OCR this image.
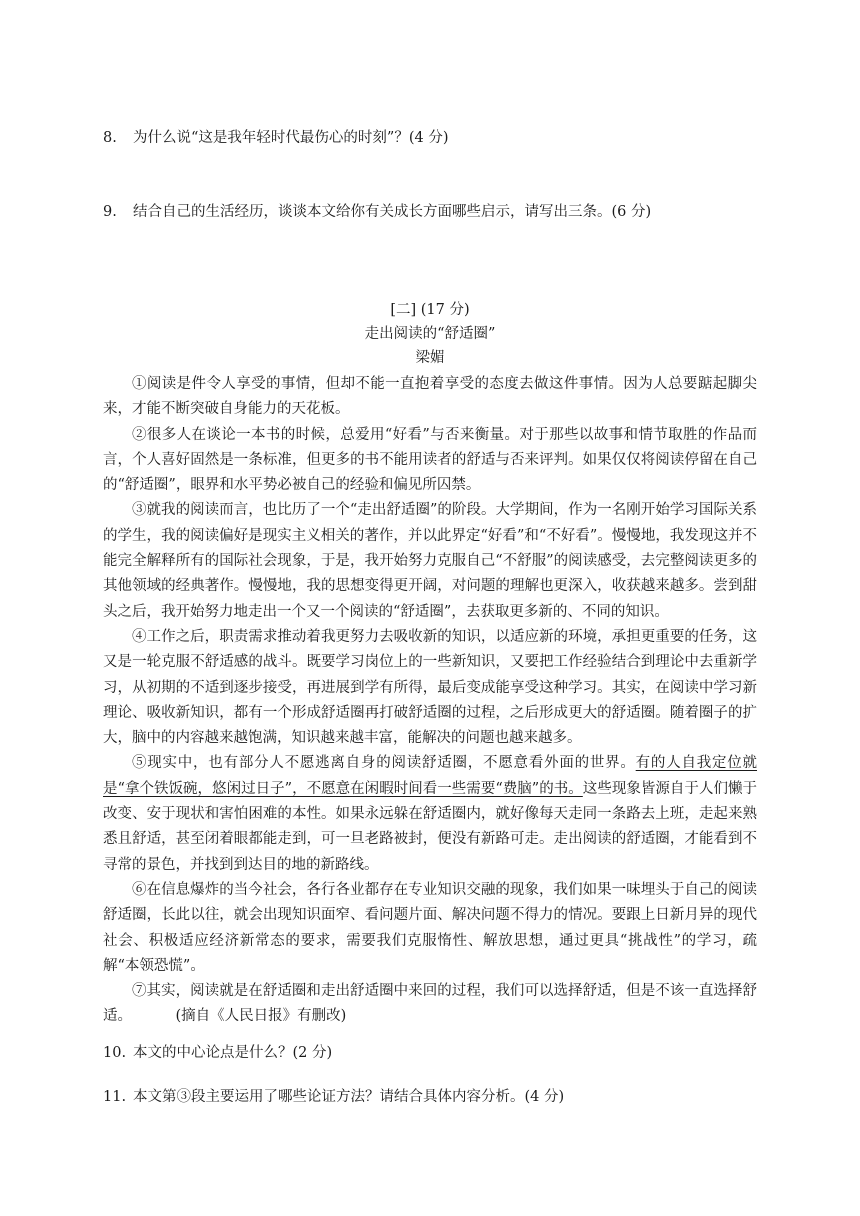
8. 为什么说“这是我年轻时代最伤心的时刻”？(4 分)
9. 结合自己的生活经历，谈谈本文给你有关成长方面哪些启示，请写出三条。(6 分)
[二] (17 分)
走出阅读的“舒适圈”
梁媚

①阅读是件令人享受的事情，但却不能一直抱着享受的态度去做这件事情。因为人总要踮起脚尖来，才能不断突破自身能力的天花板。

②很多人在谈论一本书的时候，总爱用“好看”与否来衡量。对于那些以故事和情节取胜的作品而言，个人喜好固然是一条标准，但更多的书不能用读者的舒适与否来评判。如果仅仅将阅读停留在自己的“舒适圈”，眼界和水平势必被自己的经验和偏见所囚禁。

③就我的阅读而言，也比历了一个“走出舒适圈”的阶段。大学期间，作为一名刚开始学习国际关系的学生，我的阅读偏好是现实主义相关的著作，并以此界定“好看”和“不好看”。慢慢地，我发现这并不能完全解释所有的国际社会现象，于是，我开始努力克服自己“不舒服”的阅读感受，去完整阅读更多的其他领域的经典著作。慢慢地，我的思想变得更开阔，对问题的理解也更深入，收获越来越多。尝到甜头之后，我开始努力地走出一个又一个阅读的“舒适圈”，去获取更多新的、不同的知识。

④工作之后，职责需求推动着我更努力去吸收新的知识，以适应新的环境，承担更重要的任务，这又是一轮克服不舒适感的战斗。既要学习岗位上的一些新知识，又要把工作经验结合到理论中去重新学习，从初期的不适到逐步接受，再进展到学有所得，最后变成能享受这种学习。其实，在阅读中学习新理论、吸收新知识，都有一个形成舒适圈再打破舒适圈的过程，之后形成更大的舒适圈。随着圈子的扩大，脑中的内容越来越饱满，知识越来越丰富，能解决的问题也越来越多。

⑤现实中，也有部分人不愿逃离自身的阅读舒适圈，不愿意看外面的世界。有的人自我定位就是“拿个铁饭碗，悠闲过日子”，不愿意在闲暇时间看一些需要“费脑”的书。这些现象皆源自于人们懒于改变、安于现状和害怕困难的本性。如果永远躲在舒适圈内，就好像每天走同一条路去上班，走起来熟悉且舒适，甚至闭着眼都能走到，可一旦老路被封，便没有新路可走。走出阅读的舒适圈，才能看到不寻常的景色，并找到到达目的地的新路线。

⑥在信息爆炸的当今社会，各行各业都存在专业知识交融的现象，我们如果一味埋头于自己的阅读舒适圈，长此以往，就会出现知识面窄、看问题片面、解决问题不得力的情况。要跟上日新月异的现代社会、积极适应经济新常态的要求，需要我们克服惰性、解放思想，通过更具“挑战性”的学习，疏解“本领恐慌”。

⑦其实，阅读就是在舒适圈和走出舒适圈中来回的过程，我们可以选择舒适，但是不该一直选择舒适。	(摘自《人民日报》有删改)

10. 本文的中心论点是什么？(2 分)
11. 本文第③段主要运用了哪些论证方法？请结合具体内容分析。(4 分)
